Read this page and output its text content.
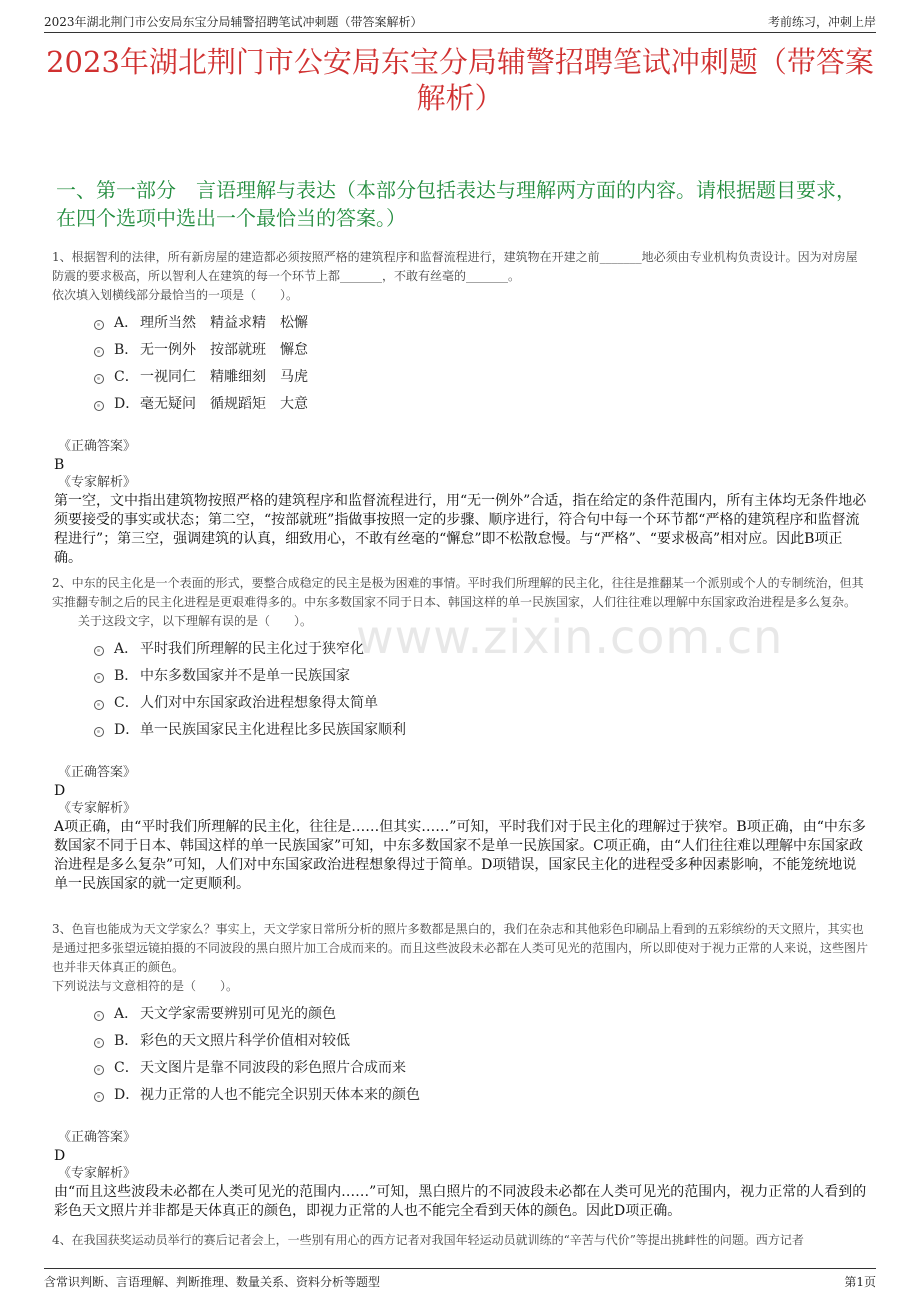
2023年湖北荆门市公安局东宝分局辅警招聘笔试冲刺题（带答案解析）	考前练习，冲刺上岸
2023年湖北荆门市公安局东宝分局辅警招聘笔试冲刺题（带答案解析）
一、第一部分　言语理解与表达（本部分包括表达与理解两方面的内容。请根据题目要求，在四个选项中选出一个最恰当的答案。）
www.zixin.com.cn

1、根据智利的法律，所有新房屋的建造都必须按照严格的建筑程序和监督流程进行，建筑物在开建之前_______地必须由专业机构负责设计。因为对房屋防震的要求极高，所以智利人在建筑的每一个环节上都_______，不敢有丝毫的_______。

依次填入划横线部分最恰当的一项是（　　）。

A． 理所当然　精益求精　松懈
B． 无一例外　按部就班　懈怠
C．一视同仁　精雕细刻　马虎
D．毫无疑问　循规蹈矩　大意

《正确答案》

B

《专家解析》

第一空，文中指出建筑物按照严格的建筑程序和监督流程进行，用“无一例外”合适，指在给定的条件范围内，所有主体均无条件地必须要接受的事实或状态；第二空，“按部就班”指做事按照一定的步骤、顺序进行，符合句中每一个环节都“严格的建筑程序和监督流程进行”；第三空，强调建筑的认真，细致用心，不敢有丝毫的“懈怠”即不松散怠慢。与“严格”、“要求极高”相对应。因此B项正确。

2、中东的民主化是一个表面的形式，要整合成稳定的民主是极为困难的事情。平时我们所理解的民主化，往往是推翻某一个派别或个人的专制统治，但其实推翻专制之后的民主化进程是更艰难得多的。中东多数国家不同于日本、韩国这样的单一民族国家，人们往往难以理解中东国家政治进程是多么复杂。

关于这段文字，以下理解有误的是（　　）。

A． 平时我们所理解的民主化过于狭窄化
B． 中东多数国家并不是单一民族国家
C．人们对中东国家政治进程想象得太简单
D．单一民族国家民主化进程比多民族国家顺利

《正确答案》

D

《专家解析》

A项正确，由“平时我们所理解的民主化，往往是……但其实……”可知，平时我们对于民主化的理解过于狭窄。B项正确，由“中东多数国家不同于日本、韩国这样的单一民族国家”可知，中东多数国家不是单一民族国家。C项正确，由“人们往往难以理解中东国家政治进程是多么复杂”可知，人们对中东国家政治进程想象得过于简单。D项错误，国家民主化的进程受多种因素影响，不能笼统地说单一民族国家的就一定更顺利。

3、色盲也能成为天文学家么？事实上，天文学家日常所分析的照片多数都是黑白的，我们在杂志和其他彩色印刷品上看到的五彩缤纷的天文照片，其实也是通过把多张望远镜拍摄的不同波段的黑白照片加工合成而来的。而且这些波段未必都在人类可见光的范围内，所以即使对于视力正常的人来说，这些图片也并非天体真正的颜色。

下列说法与文意相符的是（　　）。

A． 天文学家需要辨别可见光的颜色
B． 彩色的天文照片科学价值相对较低
C．天文图片是靠不同波段的彩色照片合成而来
D．视力正常的人也不能完全识别天体本来的颜色

《正确答案》

D

《专家解析》

由“而且这些波段未必都在人类可见光的范围内……”可知，黑白照片的不同波段未必都在人类可见光的范围内，视力正常的人看到的彩色天文照片并非都是天体真正的颜色，即视力正常的人也不能完全看到天体的颜色。因此D项正确。

4、在我国获奖运动员举行的赛后记者会上，一些别有用心的西方记者对我国年轻运动员就训练的“辛苦与代价”等提出挑衅性的问题。西方记者

含常识判断、言语理解、判断推理、数量关系、资料分析等题型	第1页
